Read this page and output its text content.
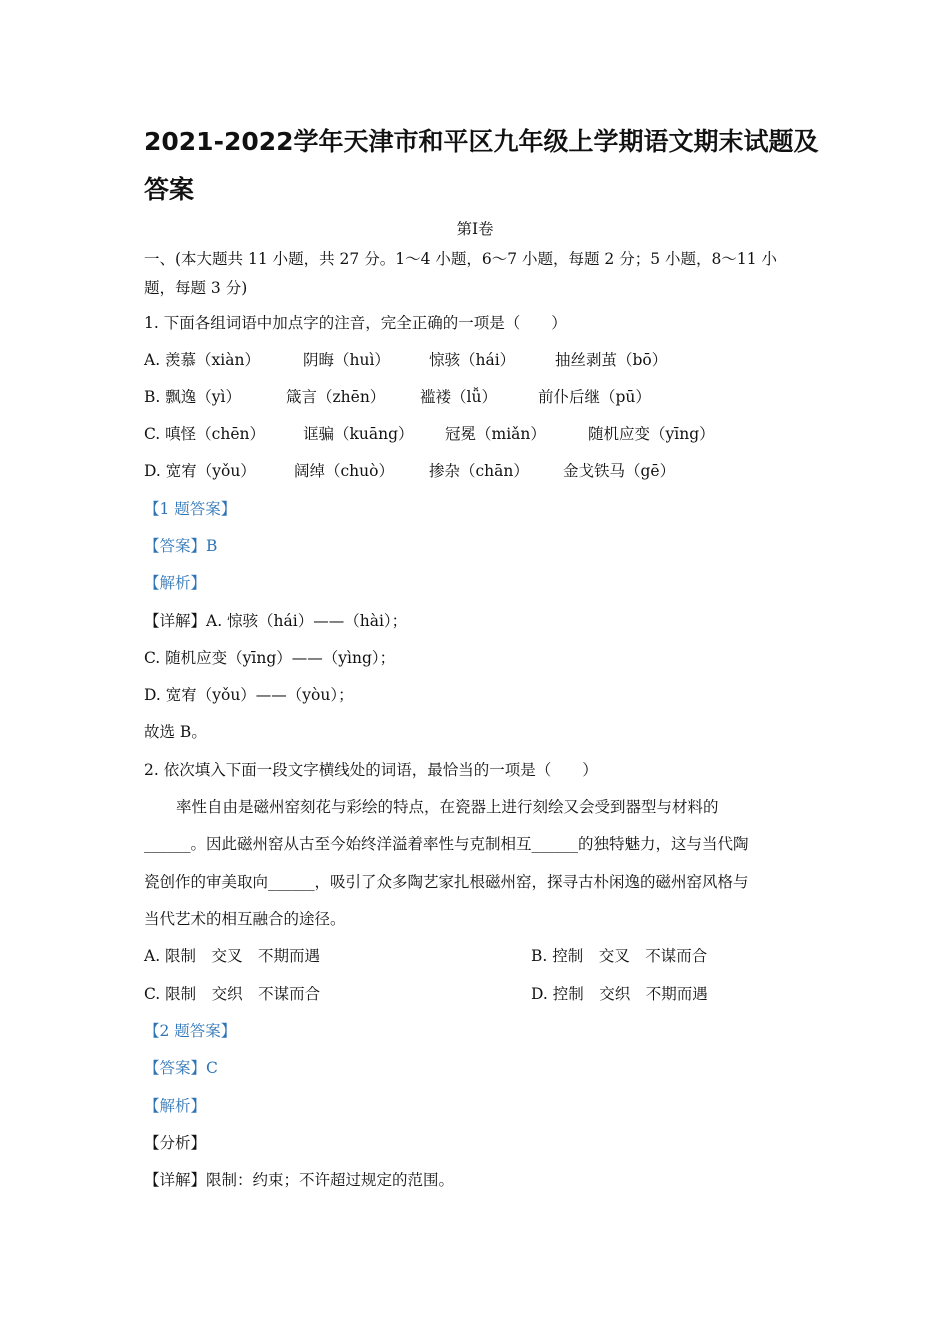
2021-2022学年天津市和平区九年级上学期语文期末试题及答案
第Ⅰ卷
一、(本大题共 11 小题，共 27 分。1～4 小题，6～7 小题，每题 2 分；5 小题，8～11 小
题，每题 3 分)
1. 下面各组词语中加点字的注音，完全正确的一项是（　　）
A. 羡慕（xiàn）	阴晦（huì）	惊骇（hái）	抽丝剥茧（bō）
B. 飘逸（yì）	箴言（zhēn） 褴褛（lǚ）	前仆后继（pū）
C. 嗔怪（chēn） 诓骗（kuāng） 冠冕（miǎn）	随机应变（yīng）
D. 宽宥（yǒu） 阔绰（chuò） 掺杂（chān） 金戈铁马（gē）
【1 题答案】
【答案】B
【解析】
【详解】A. 惊骇（hái）——（hài）；
C. 随机应变（yīng）——（yìng）；
D. 宽宥（yǒu）——（yòu）；
故选 B。
2. 依次填入下面一段文字横线处的词语，最恰当的一项是（　　）
率性自由是磁州窑刻花与彩绘的特点，在瓷器上进行刻绘又会受到器型与材料的
______。因此磁州窑从古至今始终洋溢着率性与克制相互______的独特魅力，这与当代陶
瓷创作的审美取向______，吸引了众多陶艺家扎根磁州窑，探寻古朴闲逸的磁州窑风格与
当代艺术的相互融合的途径。
A. 限制　交叉　不期而遇	B. 控制　交叉　不谋而合
C. 限制　交织　不谋而合	D. 控制　交织　不期而遇
【2 题答案】
【答案】C
【解析】
【分析】
【详解】限制：约束；不许超过规定的范围。
